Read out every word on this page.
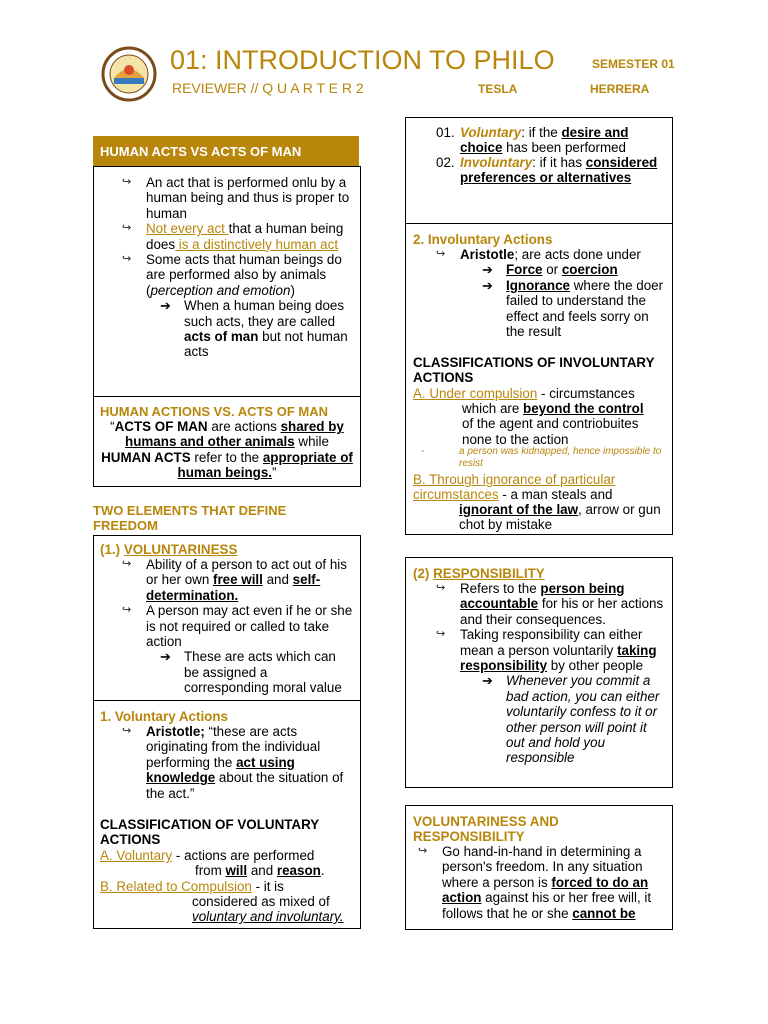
01: INTRODUCTION TO PHILO
REVIEWER // Q U A R T E R 2
SEMESTER 01
TESLA	HERRERA
HUMAN ACTS VS ACTS OF MAN
↪ An act that is performed onlu by a human being and thus is proper to human
↪ Not every act that a human being does is a distinctively human act
↪ Some acts that human beings do are performed also by animals (perception and emotion)
➔ When a human being does such acts, they are called acts of man but not human acts
HUMAN ACTIONS VS. ACTS OF MAN
“ACTS OF MAN are actions shared by humans and other animals while HUMAN ACTS refer to the appropriate of human beings.”
TWO ELEMENTS THAT DEFINE FREEDOM
(1.) VOLUNTARINESS
↪ Ability of a person to act out of his or her own free will and self-determination.
↪ A person may act even if he or she is not required or called to take action
➔ These are acts which can be assigned a corresponding moral value
1. Voluntary Actions
↪ Aristotle; “these are acts originating from the individual performing the act using knowledge about the situation of the act.”
CLASSIFICATION OF VOLUNTARY ACTIONS
A. Voluntary - actions are performed
from will and reason.
B. Related to Compulsion - it is
considered as mixed of
voluntary and involuntary.
01. Voluntary: if the desire and choice has been performed
02. Involuntary: if it has considered preferences or alternatives
2. Involuntary Actions
↪ Aristotle; are acts done under
➔ Force or coercion
➔ Ignorance where the doer failed to understand the effect and feels sorry on the result
CLASSIFICATIONS OF INVOLUNTARY ACTIONS
A. Under compulsion - circumstances
which are beyond the control
of the agent and contriobuites none to the action
-	a person was kidnapped, hence impossible to resist
B. Through ignorance of particular circumstances - a man steals and
ignorant of the law, arrow or gun chot by mistake
(2) RESPONSIBILITY
↪ Refers to the person being accountable for his or her actions and their consequences.
↪ Taking responsibility can either mean a person voluntarily taking responsibility by other people
➔ Whenever you commit a bad action, you can either voluntarily confess to it or other person will point it out and hold you responsible
VOLUNTARINESS AND RESPONSIBILITY
↪ Go hand-in-hand in determining a person's freedom. In any situation where a person is forced to do an action against his or her free will, it follows that he or she cannot be
